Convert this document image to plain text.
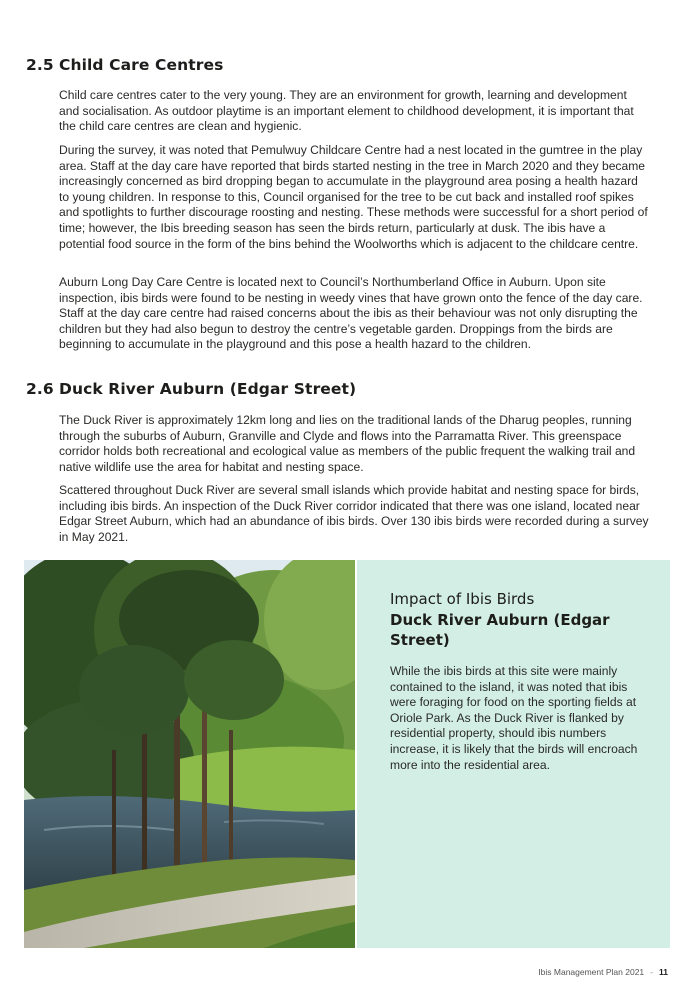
2.5 Child Care Centres

Child care centres cater to the very young. They are an environment for growth, learning and development and socialisation. As outdoor playtime is an important element to childhood development, it is important that the child care centres are clean and hygienic.

During the survey, it was noted that Pemulwuy Childcare Centre had a nest located in the gumtree in the play area. Staff at the day care have reported that birds started nesting in the tree in March 2020 and they became increasingly concerned as bird dropping began to accumulate in the playground area posing a health hazard to young children. In response to this, Council organised for the tree to be cut back and installed roof spikes and spotlights to further discourage roosting and nesting. These methods were successful for a short period of time; however, the Ibis breeding season has seen the birds return, particularly at dusk. The ibis have a potential food source in the form of the bins behind the Woolworths which is adjacent to the childcare centre.

Auburn Long Day Care Centre is located next to Council’s Northumberland Office in Auburn. Upon site inspection, ibis birds were found to be nesting in weedy vines that have grown onto the fence of the day care. Staff at the day care centre had raised concerns about the ibis as their behaviour was not only disrupting the children but they had also begun to destroy the centre’s vegetable garden. Droppings from the birds are beginning to accumulate in the playground and this pose a health hazard to the children.

2.6 Duck River Auburn (Edgar Street)

The Duck River is approximately 12km long and lies on the traditional lands of the Dharug peoples, running through the suburbs of Auburn, Granville and Clyde and flows into the Parramatta River. This greenspace corridor holds both recreational and ecological value as members of the public frequent the walking trail and native wildlife use the area for habitat and nesting space.

Scattered throughout Duck River are several small islands which provide habitat and nesting space for birds, including ibis birds. An inspection of the Duck River corridor indicated that there was one island, located near Edgar Street Auburn, which had an abundance of ibis birds. Over 130 ibis birds were recorded during a survey in May 2021.

Impact of Ibis Birds
Duck River Auburn (Edgar Street)

While the ibis birds at this site were mainly contained to the island, it was noted that ibis were foraging for food on the sporting fields at Oriole Park. As the Duck River is flanked by residential property, should ibis numbers increase, it is likely that the birds will encroach more into the residential area.

Ibis Management Plan 2021 - 11
